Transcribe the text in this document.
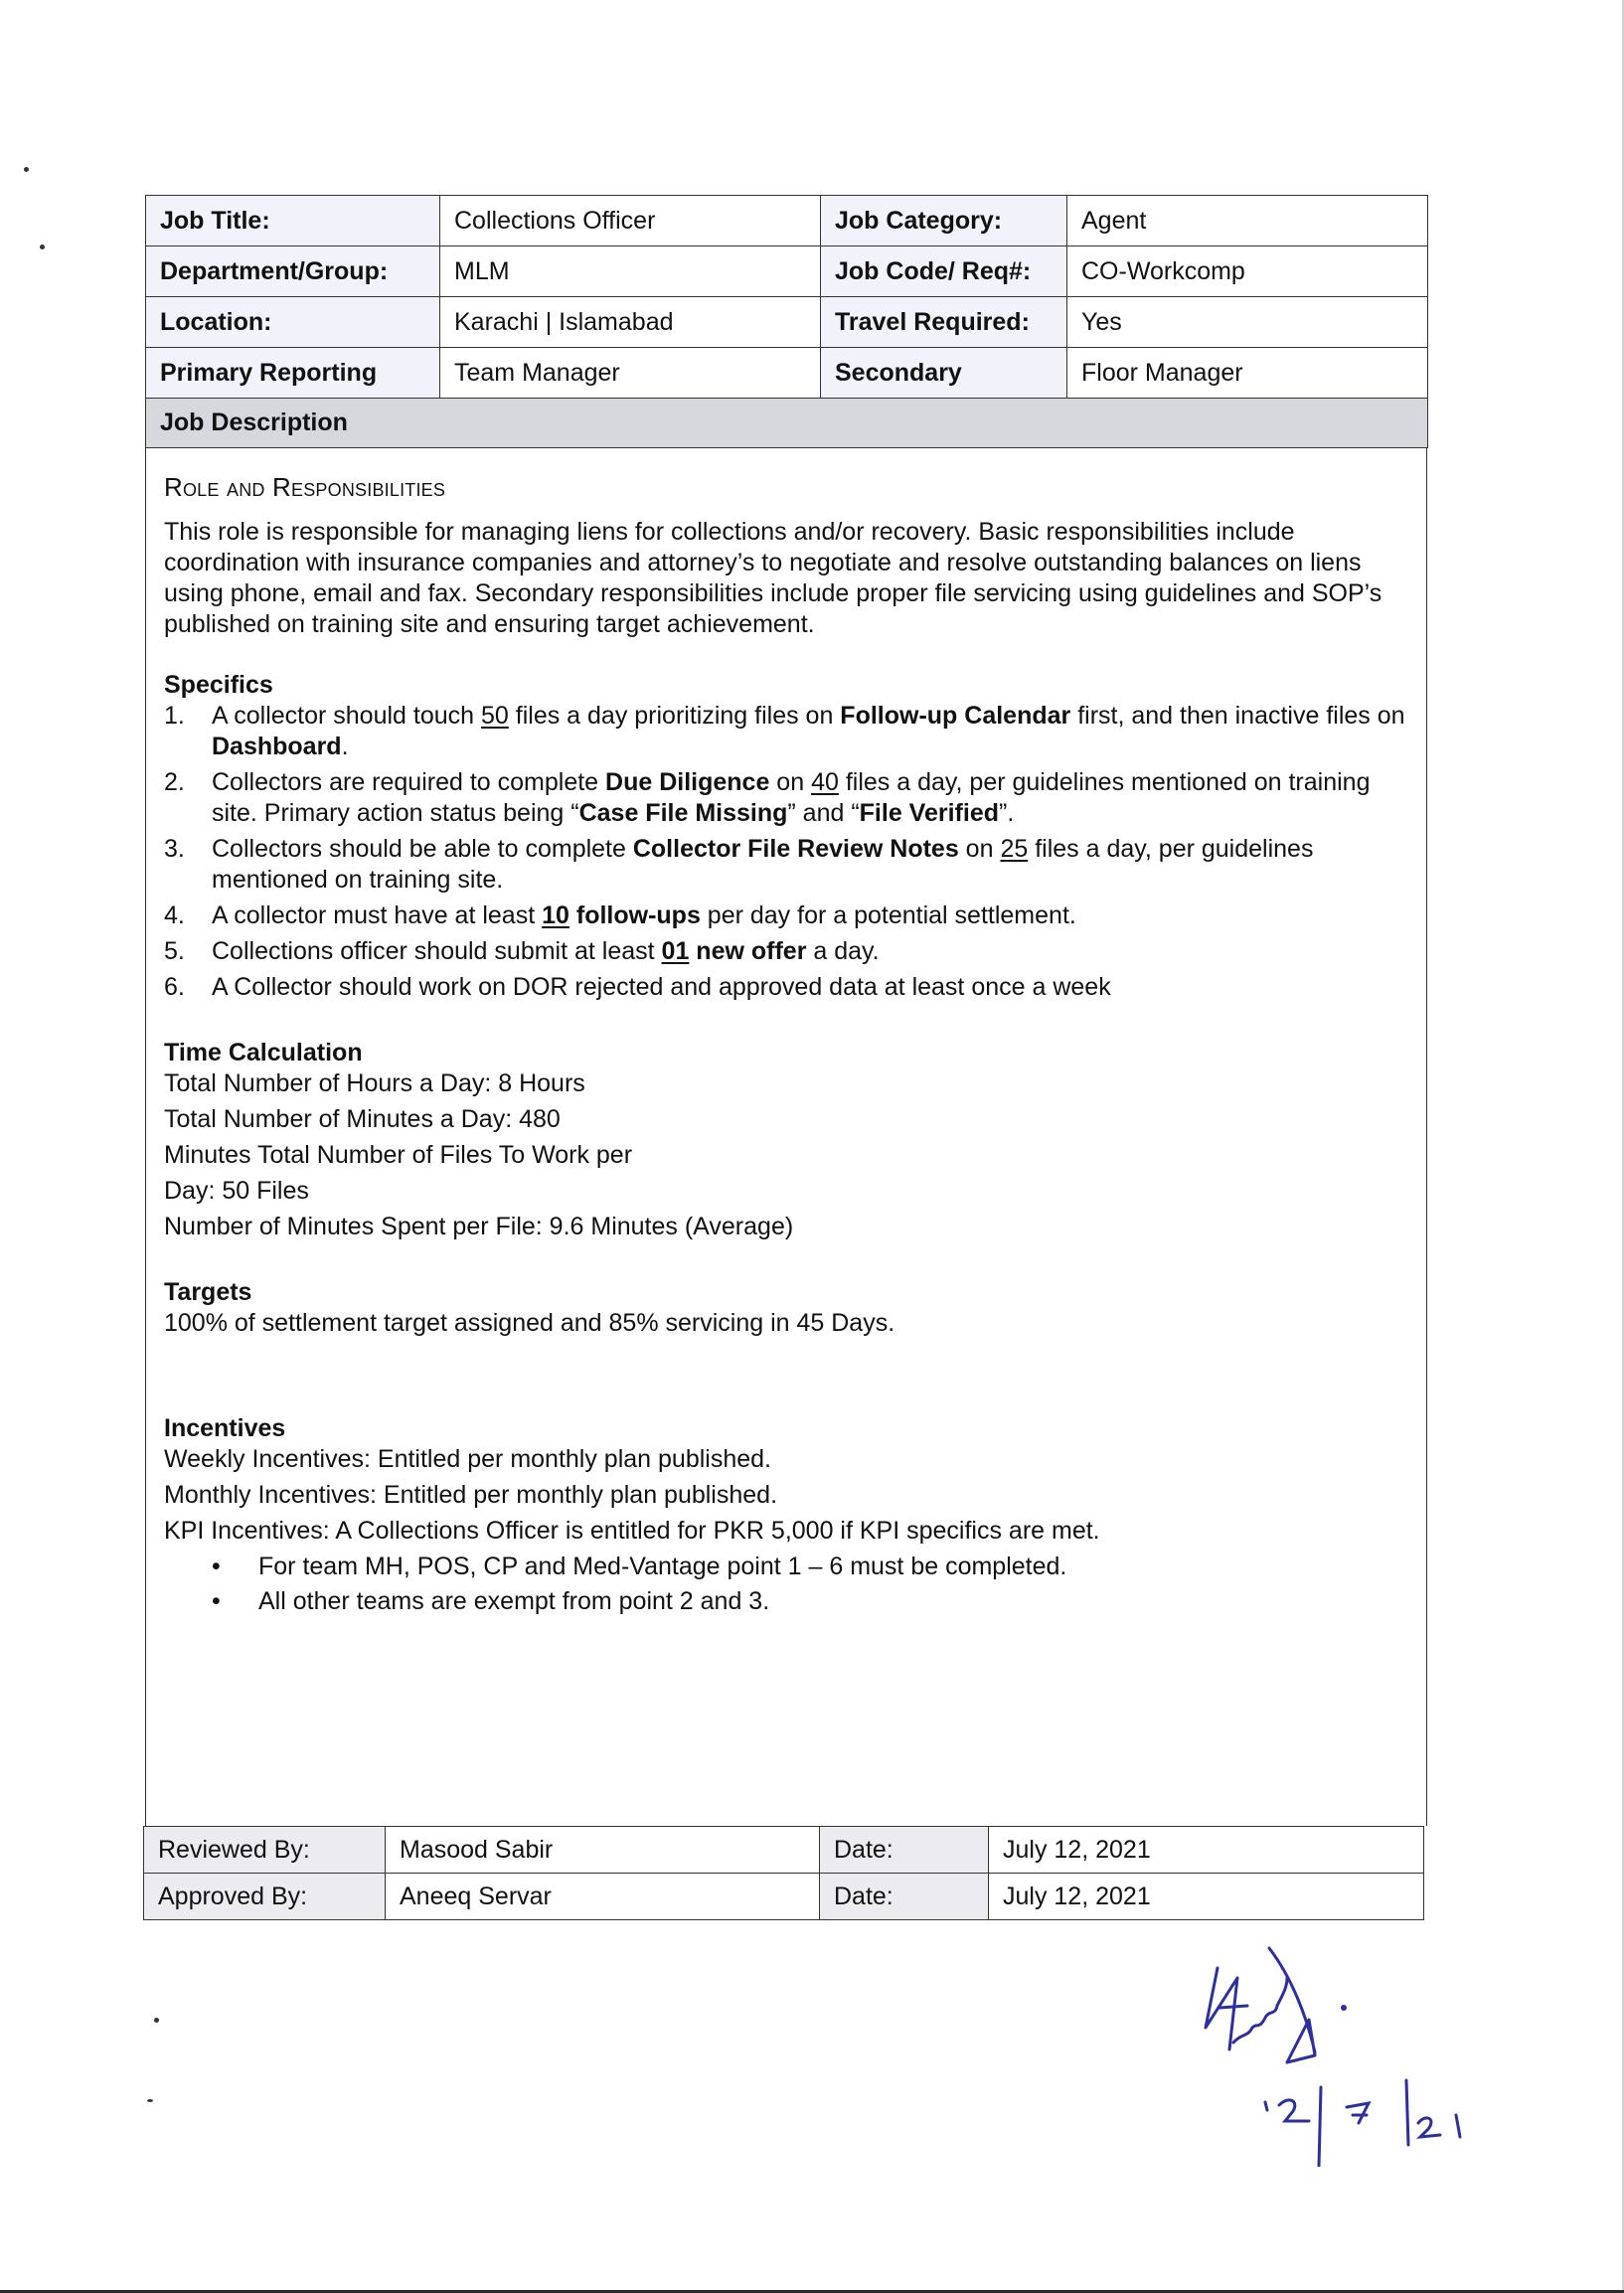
Job Title:	Collections Officer	Job Category:	Agent
Department/Group:	MLM	Job Code/ Req#:	CO-Workcomp
Location:	Karachi | Islamabad	Travel Required:	Yes
Primary Reporting	Team Manager	Secondary	Floor Manager
Job Description			
Role and Responsibilities
This role is responsible for managing liens for collections and/or recovery. Basic responsibilities include coordination with insurance companies and attorney’s to negotiate and resolve outstanding balances on liens using phone, email and fax. Secondary responsibilities include proper file servicing using guidelines and SOP’s published on training site and ensuring target achievement.
Specifics
1. A collector should touch 50 files a day prioritizing files on Follow-up Calendar first, and then inactive files on Dashboard.
2. Collectors are required to complete Due Diligence on 40 files a day, per guidelines mentioned on training site. Primary action status being “Case File Missing” and “File Verified”.
3. Collectors should be able to complete Collector File Review Notes on 25 files a day, per guidelines mentioned on training site.
4. A collector must have at least 10 follow-ups per day for a potential settlement.
5. Collections officer should submit at least 01 new offer a day.
6. A Collector should work on DOR rejected and approved data at least once a week
Time Calculation
Total Number of Hours a Day: 8 Hours
Total Number of Minutes a Day: 480
Minutes Total Number of Files To Work per
Day: 50 Files
Number of Minutes Spent per File: 9.6 Minutes (Average)
Targets
100% of settlement target assigned and 85% servicing in 45 Days.
Incentives
Weekly Incentives: Entitled per monthly plan published.
Monthly Incentives: Entitled per monthly plan published.
KPI Incentives: A Collections Officer is entitled for PKR 5,000 if KPI specifics are met.
• For team MH, POS, CP and Med-Vantage point 1 – 6 must be completed.
• All other teams are exempt from point 2 and 3.
Reviewed By:	Masood Sabir	Date:	July 12, 2021
Approved By:	Aneeq Servar	Date:	July 12, 2021
